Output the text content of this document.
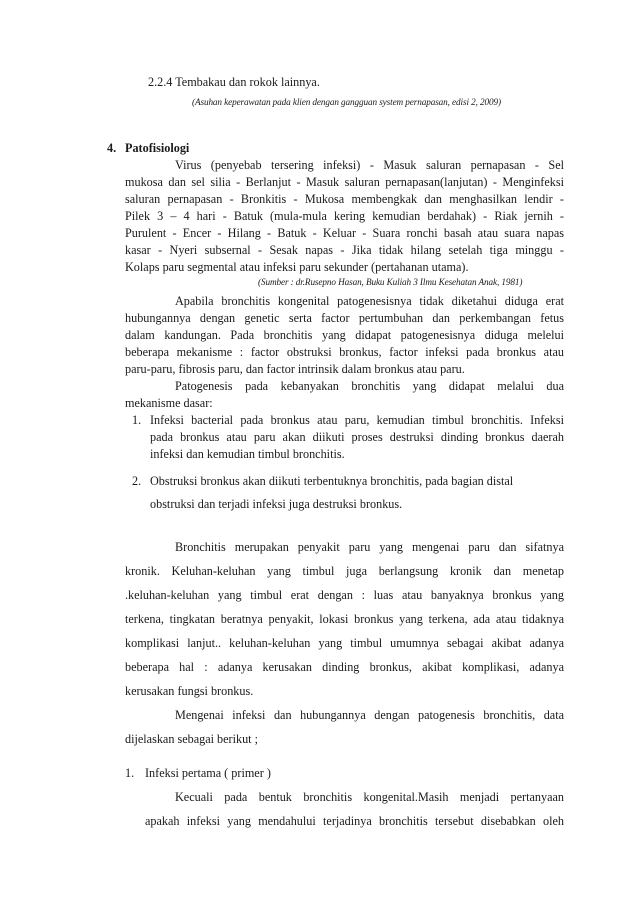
2.2.4 Tembakau dan rokok lainnya.
(Asuhan keperawatan pada klien dengan gangguan system pernapasan, edisi 2, 2009)
4. Patofisiologi
Virus (penyebab tersering infeksi) - Masuk saluran pernapasan - Sel
mukosa dan sel silia - Berlanjut - Masuk saluran pernapasan(lanjutan) - Menginfeksi
saluran pernapasan - Bronkitis - Mukosa membengkak dan menghasilkan lendir -
Pilek 3 – 4 hari - Batuk (mula-mula kering kemudian berdahak) - Riak jernih -
Purulent - Encer - Hilang - Batuk - Keluar - Suara ronchi basah atau suara napas
kasar - Nyeri subsernal - Sesak napas - Jika tidak hilang setelah tiga minggu -
Kolaps paru segmental atau infeksi paru sekunder (pertahanan utama).
(Sumber : dr.Rusepno Hasan, Buku Kuliah 3 Ilmu Kesehatan Anak, 1981)
Apabila bronchitis kongenital patogenesisnya tidak diketahui diduga erat
hubungannya dengan genetic serta factor pertumbuhan dan perkembangan fetus
dalam kandungan. Pada bronchitis yang didapat patogenesisnya diduga melelui
beberapa mekanisme : factor obstruksi bronkus, factor infeksi pada bronkus atau
paru-paru, fibrosis paru, dan factor intrinsik dalam bronkus atau paru.
Patogenesis pada kebanyakan bronchitis yang didapat melalui dua
mekanisme dasar:
1. Infeksi bacterial pada bronkus atau paru, kemudian timbul bronchitis. Infeksi
pada bronkus atau paru akan diikuti proses destruksi dinding bronkus daerah
infeksi dan kemudian timbul bronchitis.
2. Obstruksi bronkus akan diikuti terbentuknya bronchitis, pada bagian distal
obstruksi dan terjadi infeksi juga destruksi bronkus.
Bronchitis merupakan penyakit paru yang mengenai paru dan sifatnya
kronik. Keluhan-keluhan yang timbul juga berlangsung kronik dan menetap
.keluhan-keluhan yang timbul erat dengan : luas atau banyaknya bronkus yang
terkena, tingkatan beratnya penyakit, lokasi bronkus yang terkena, ada atau tidaknya
komplikasi lanjut.. keluhan-keluhan yang timbul umumnya sebagai akibat adanya
beberapa hal : adanya kerusakan dinding bronkus, akibat komplikasi, adanya
kerusakan fungsi bronkus.
Mengenai infeksi dan hubungannya dengan patogenesis bronchitis, data
dijelaskan sebagai berikut ;
1. Infeksi pertama ( primer )
Kecuali pada bentuk bronchitis kongenital.Masih menjadi pertanyaan
apakah infeksi yang mendahului terjadinya bronchitis tersebut disebabkan oleh
